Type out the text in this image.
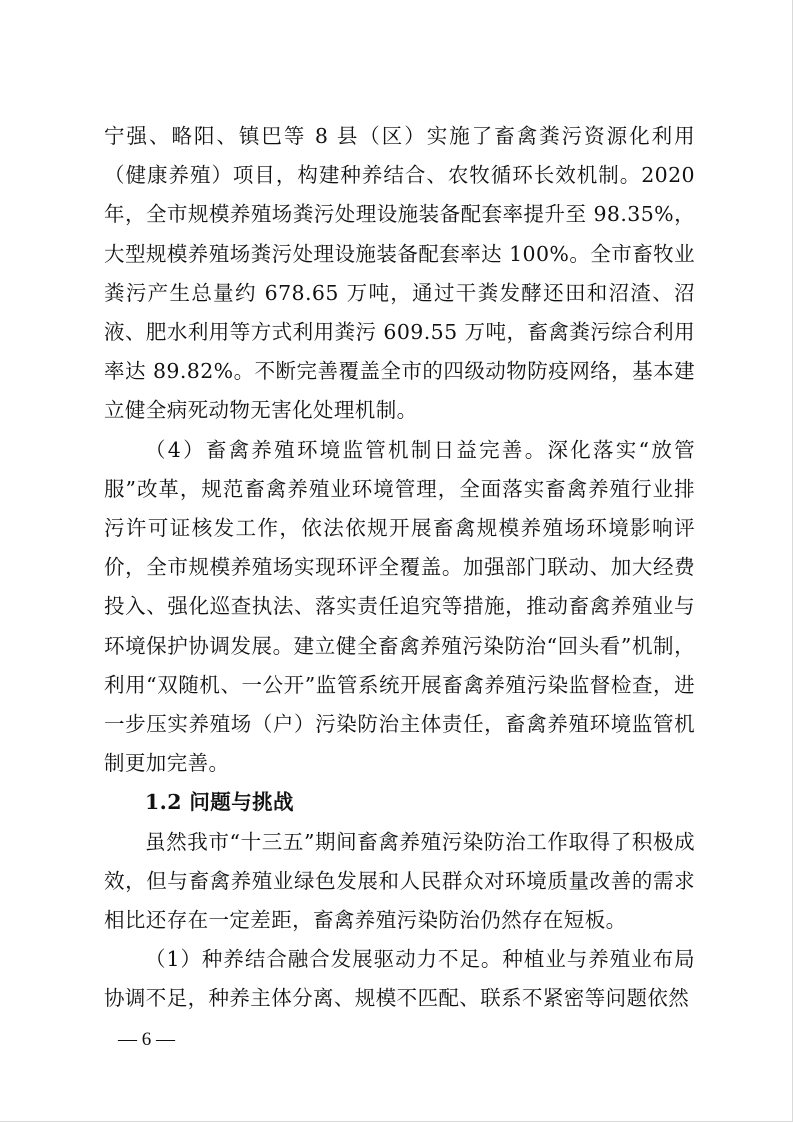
宁强、略阳、镇巴等 8 县（区）实施了畜禽粪污资源化利用（健康养殖）项目，构建种养结合、农牧循环长效机制。2020 年，全市规模养殖场粪污处理设施装备配套率提升至 98.35%，大型规模养殖场粪污处理设施装备配套率达 100%。全市畜牧业粪污产生总量约 678.65 万吨，通过干粪发酵还田和沼渣、沼液、肥水利用等方式利用粪污 609.55 万吨，畜禽粪污综合利用率达 89.82%。不断完善覆盖全市的四级动物防疫网络，基本建立健全病死动物无害化处理机制。

（4）畜禽养殖环境监管机制日益完善。深化落实“放管服”改革，规范畜禽养殖业环境管理，全面落实畜禽养殖行业排污许可证核发工作，依法依规开展畜禽规模养殖场环境影响评价，全市规模养殖场实现环评全覆盖。加强部门联动、加大经费投入、强化巡查执法、落实责任追究等措施，推动畜禽养殖业与环境保护协调发展。建立健全畜禽养殖污染防治“回头看”机制，利用“双随机、一公开”监管系统开展畜禽养殖污染监督检查，进一步压实养殖场（户）污染防治主体责任，畜禽养殖环境监管机制更加完善。

1.2 问题与挑战

虽然我市“十三五”期间畜禽养殖污染防治工作取得了积极成效，但与畜禽养殖业绿色发展和人民群众对环境质量改善的需求相比还存在一定差距，畜禽养殖污染防治仍然存在短板。

（1）种养结合融合发展驱动力不足。种植业与养殖业布局协调不足，种养主体分离、规模不匹配、联系不紧密等问题依然

— 6 —
